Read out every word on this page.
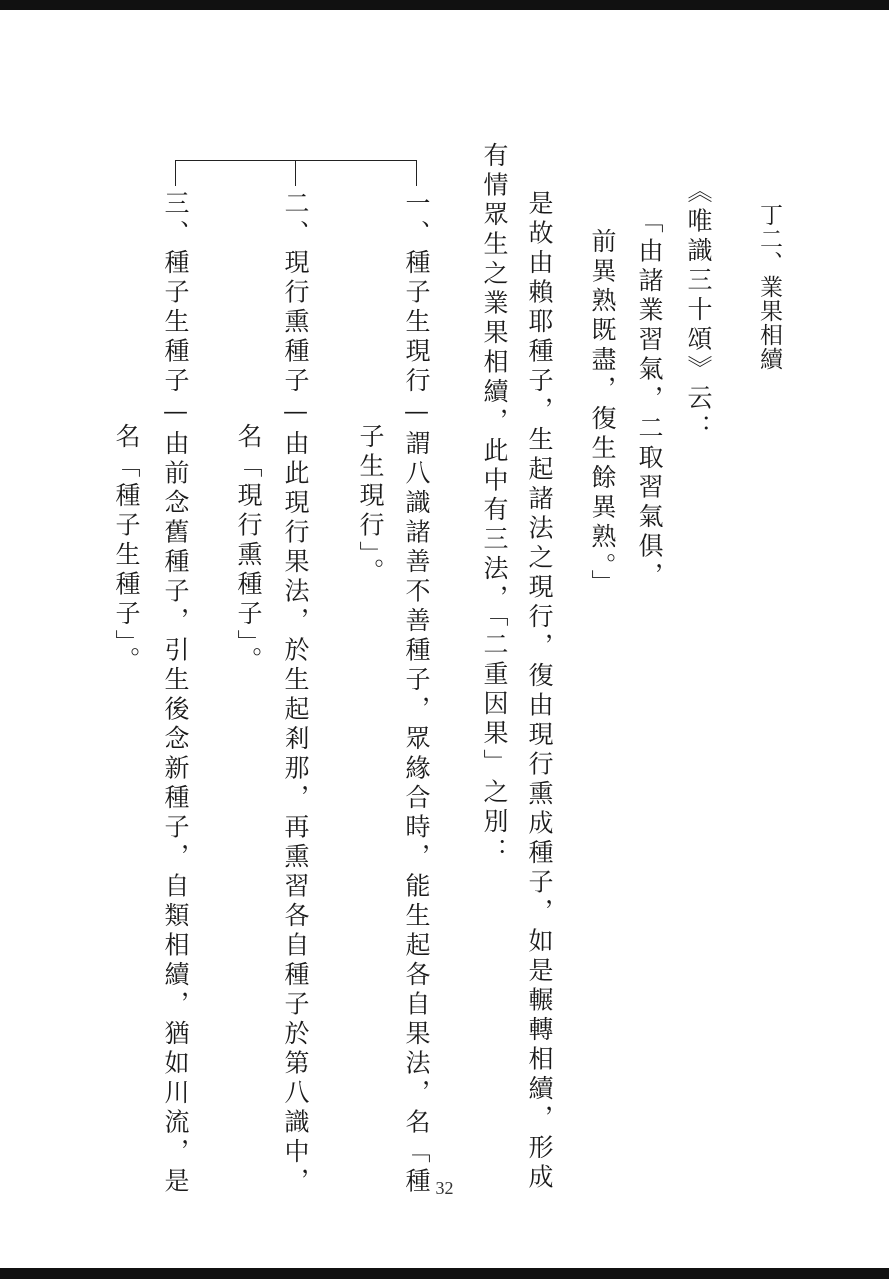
丁二、業果相續
《唯識三十頌》云：
「由諸業習氣，二取習氣俱，
前異熟既盡，復生餘異熟。」
是故由賴耶種子，生起諸法之現行，復由現行熏成種子，如是輾轉相續，形成
有情眾生之業果相續，此中有三法，「二重因果」之別：
一、種子生現行—謂八識諸善不善種子，眾緣合時，能生起各自果法，名「種
子生現行」。
二、現行熏種子—由此現行果法，於生起剎那，再熏習各自種子於第八識中，
名「現行熏種子」。
三、種子生種子—由前念舊種子，引生後念新種子，自類相續，猶如川流，是
名「種子生種子」。
32
